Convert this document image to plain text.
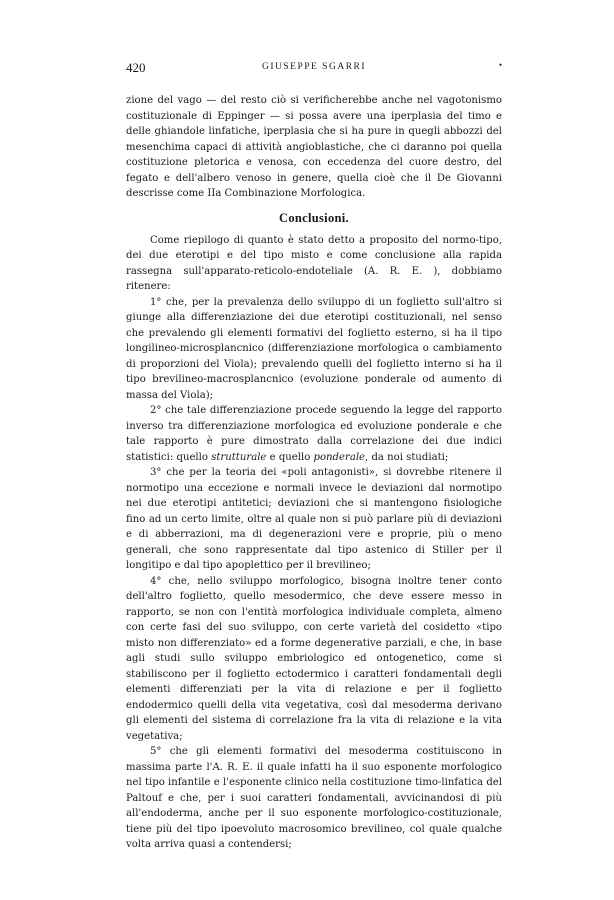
420	GIUSEPPE SGARRI	•

zione del vago — del resto ciò si verificherebbe anche nel vagotonismo costituzionale di Eppinger — si possa avere una iperplasia del timo e delle ghiandole linfatiche, iperplasia che si ha pure in quegli abbozzi del mesenchima capaci di attività angioblastiche, che ci daranno poi quella costituzione pletorica e venosa, con eccedenza del cuore destro, del fegato e dell'albero venoso in genere, quella cioè che il De Giovanni descrisse come IIa Combinazione Morfologica.

Conclusioni.

Come riepilogo di quanto è stato detto a proposito del normo-tipo, dei due eterotipi e del tipo misto e come conclusione alla rapida rassegna sull'apparato-reticolo-endoteliale (A. R. E. ), dobbiamo ritenere:

1° che, per la prevalenza dello sviluppo di un foglietto sull'altro si giunge alla differenziazione dei due eterotipi costituzionali, nel senso che prevalendo gli elementi formativi del foglietto esterno, si ha il tipo longilineo-microsplancnico (differenziazione morfologica o cambiamento di proporzioni del Viola); prevalendo quelli del foglietto interno si ha il tipo brevilineo-macrosplancnico (evoluzione ponderale od aumento di massa del Viola);

2° che tale differenziazione procede seguendo la legge del rapporto inverso tra differenziazione morfologica ed evoluzione ponderale e che tale rapporto è pure dimostrato dalla correlazione dei due indici statistici: quello strutturale e quello ponderale, da noi studiati;

3° che per la teoria dei «poli antagonisti», si dovrebbe ritenere il normotipo una eccezione e normali invece le deviazioni dal normotipo nei due eterotipi antitetici; deviazioni che si mantengono fisiologiche fino ad un certo limite, oltre al quale non si può parlare più di deviazioni e di abberrazioni, ma di degenerazioni vere e proprie, più o meno generali, che sono rappresentate dal tipo astenico di Stiller per il longitipo e dal tipo apoplettico per il brevilineo;

4° che, nello sviluppo morfologico, bisogna inoltre tener conto dell'altro foglietto, quello mesodermico, che deve essere messo in rapporto, se non con l'entità morfologica individuale completa, almeno con certe fasi del suo sviluppo, con certe varietà del cosidetto «tipo misto non differenziato» ed a forme degenerative parziali, e che, in base agli studi sullo sviluppo embriologico ed ontogenetico, come si stabiliscono per il foglietto ectodermico i caratteri fondamentali degli elementi differenziati per la vita di relazione e per il foglietto endodermico quelli della vita vegetativa, così dal mesoderma derivano gli elementi del sistema di correlazione fra la vita di relazione e la vita vegetativa;

5° che gli elementi formativi del mesoderma costituiscono in massima parte l'A. R. E. il quale infatti ha il suo esponente morfologico nel tipo infantile e l'esponente clinico nella costituzione timo-linfatica del Paltouf e che, per i suoi caratteri fondamentali, avvicinandosi di più all'endoderma, anche per il suo esponente morfologico-costituzionale, tiene più del tipo ipoevoluto macrosomico brevilineo, col quale qualche volta arriva quasi a contendersi;
